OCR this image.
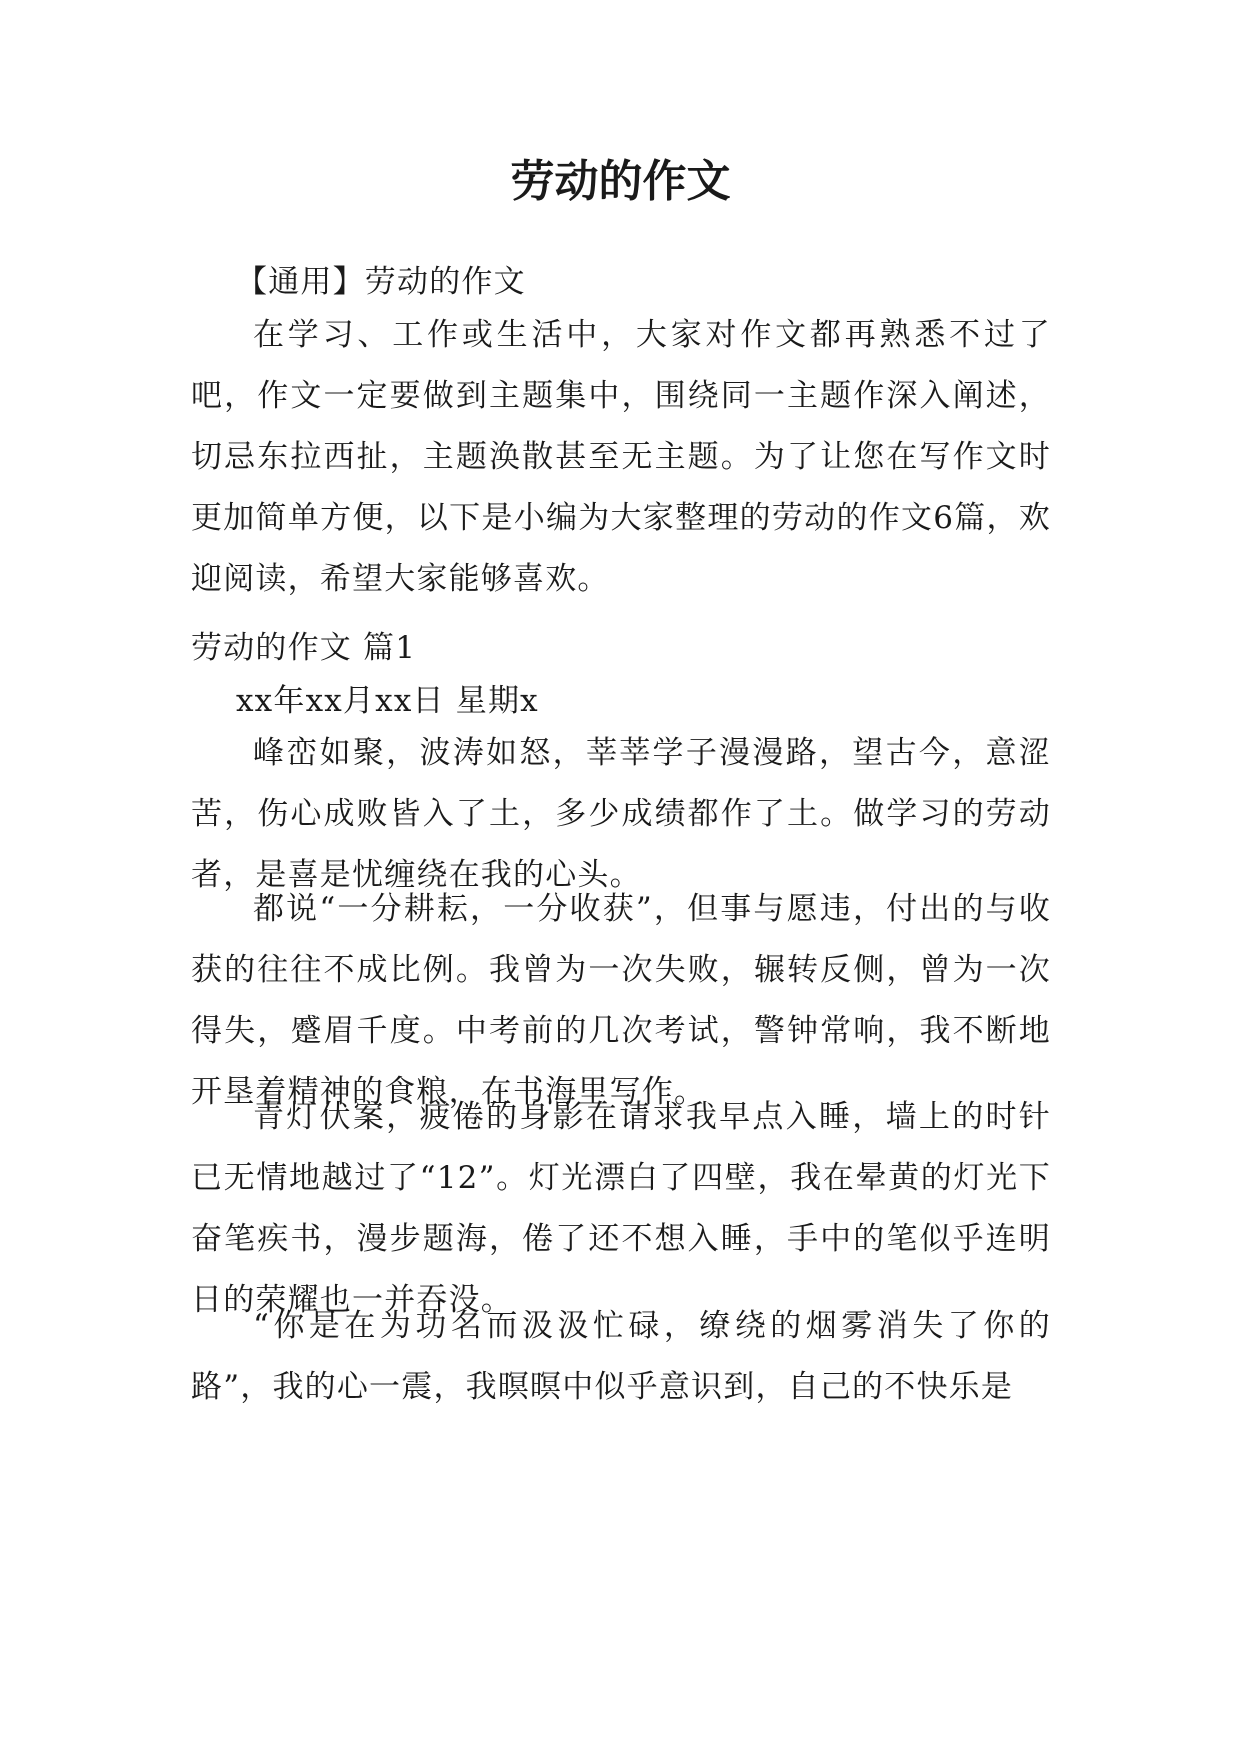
劳动的作文

【通用】劳动的作文

在学习、工作或生活中，大家对作文都再熟悉不过了吧，作文一定要做到主题集中，围绕同一主题作深入阐述，切忌东拉西扯，主题涣散甚至无主题。为了让您在写作文时更加简单方便，以下是小编为大家整理的劳动的作文6篇，欢迎阅读，希望大家能够喜欢。

劳动的作文 篇1

xx年xx月xx日 星期x

峰峦如聚，波涛如怒，莘莘学子漫漫路，望古今，意涩苦，伤心成败皆入了土，多少成绩都作了土。做学习的劳动者，是喜是忧缠绕在我的心头。

都说“一分耕耘，一分收获”，但事与愿违，付出的与收获的往往不成比例。我曾为一次失败，辗转反侧，曾为一次得失，蹙眉千度。中考前的几次考试，警钟常响，我不断地开垦着精神的食粮，在书海里写作。

青灯伏案，疲倦的身影在请求我早点入睡，墙上的时针已无情地越过了“12”。灯光漂白了四壁，我在晕黄的灯光下奋笔疾书，漫步题海，倦了还不想入睡，手中的笔似乎连明日的荣耀也一并吞没。

“你是在为功名而汲汲忙碌，缭绕的烟雾消失了你的路”，我的心一震，我暝暝中似乎意识到，自己的不快乐是
